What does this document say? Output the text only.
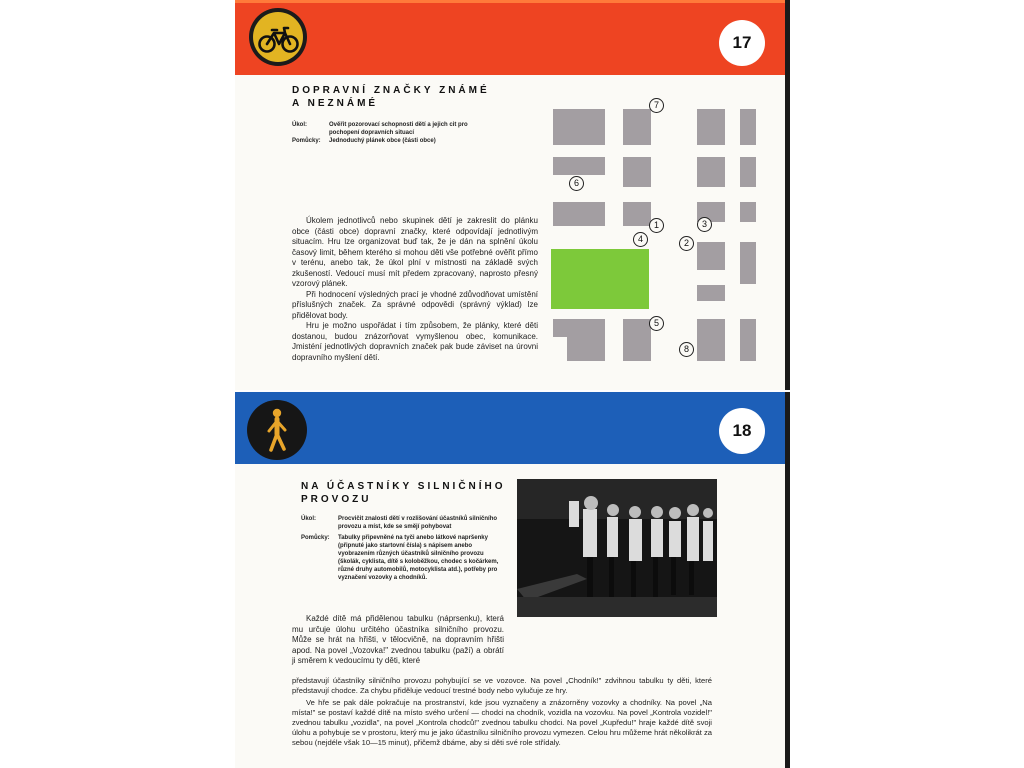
17
DOPRAVNÍ ZNAČKY ZNÁMÉ
A NEZNÁMÉ
Úkol:	Ověřit pozorovací schopnosti dětí a jejich cit pro pochopení dopravních situací
Pomůcky:	Jednoduchý plánek obce (části obce)

Úkolem jednotlivců nebo skupinek dětí je zakreslit do plánku obce (části obce) dopravní značky, které odpovídají jednotlivým situacím. Hru lze organizovat buď tak, že je dán na splnění úkolu časový limit, během kterého si mohou děti vše potřebné ověřit přímo v terénu, anebo tak, že úkol plní v místnosti na základě svých zkušeností. Vedoucí musí mít předem zpracovaný, naprosto přesný vzorový plánek.

Při hodnocení výsledných prací je vhodné zdůvodňovat umístění příslušných značek. Za správné odpovědi (správný výklad) lze přidělovat body.

Hru je možno uspořádat i tím způsobem, že plánky, které děti dostanou, budou znázorňovat vymyšlenou obec, komunikace. Jmisténí jednotlivých dopravních značek pak bude záviset na úrovni dopravního myšlení dětí.

7
6
1	3
4	2
5
8
18
NA ÚČASTNÍKY SILNIČNÍHO
PROVOZU
Úkol:	Procvičit znalosti dětí v rozlišování účastníků silničního provozu a míst, kde se smějí pohybovat
Pomůcky:	Tabulky připevněné na tyči anebo látkové napršenky (připnuté jako startovní čísla) s nápisem anebo vyobrazením různých účastníků silničního provozu (školák, cyklista, dítě s koloběžkou, chodec s kočárkem, různé druhy automobilů, motocyklista atd.), potřeby pro vyznačení vozovky a chodníků.

Každé dítě má přidělenou tabulku (náprsenku), která mu určuje úlohu určitého účastníka silničního provozu. Může se hrát na hřišti, v tělocvičně, na dopravním hřišti apod. Na povel „Vozovka!" zvednou tabulku (paží) a obrátí ji směrem k vedoucímu ty děti, které

představují účastníky silničního provozu pohybující se ve vozovce. Na povel „Chodník!" zdvihnou tabulku ty děti, které představují chodce. Za chybu přiděluje vedoucí trestné body nebo vylučuje ze hry.

Ve hře se pak dále pokračuje na prostranství, kde jsou vyznačeny a znázorněny vozovky a chodníky. Na povel „Na místa!" se postaví každé dítě na místo svého určení — chodci na chodník, vozidla na vozovku. Na povel „Kontrola vozidel!" zvednou tabulku „vozidla", na povel „Kontrola chodců!" zvednou tabulku chodci. Na povel „Kupředu!" hraje každé dítě svoji úlohu a pohybuje se v prostoru, který mu je jako účastníku silničního provozu vymezen. Celou hru můžeme hrát několikrát za sebou (nejdéle však 10—15 minut), přičemž dbáme, aby si děti své role střídaly.
